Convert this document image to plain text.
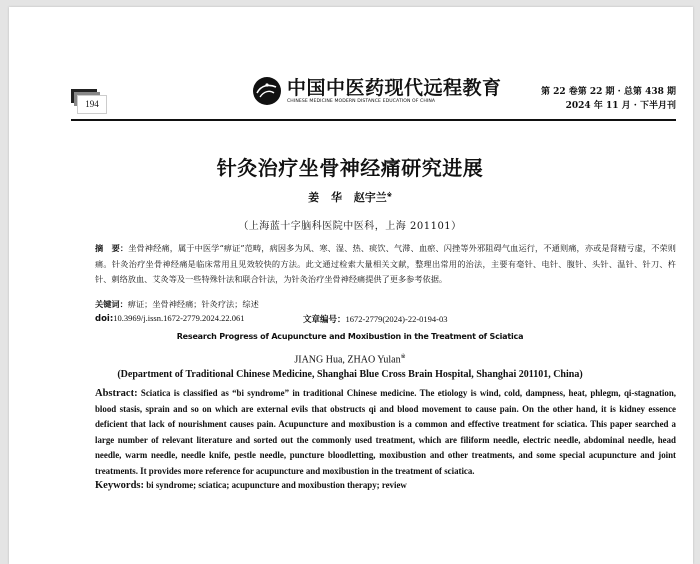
194
中国中医药现代远程教育
CHINESE MEDICINE MODERN DISTANCE EDUCATION OF CHINA
第 22 卷第 22 期 · 总第 438 期
2024 年 11 月 · 下半月刊
针灸治疗坐骨神经痛研究进展
姜 华 赵宇兰※
（上海蓝十字脑科医院中医科，上海 201101）
摘　要：坐骨神经痛，属于中医学“痹证”范畴，病因多为风、寒、湿、热、痰饮、气滞、血瘀、闪挫等外邪阻碍气血运行，不通则痛，亦或是肾精亏虚，不荣则痛。针灸治疗坐骨神经痛是临床常用且见效较快的方法。此文通过检索大量相关文献，整理出常用的治法，主要有毫针、电针、腹针、头针、温针、针刀、杵针、刺络放血、艾灸等及一些特殊针法和联合针法，为针灸治疗坐骨神经痛提供了更多参考依据。
关键词：痹证；坐骨神经痛；针灸疗法；综述
doi:10.3969/j.issn.1672-2779.2024.22.061	文章编号：1672-2779(2024)-22-0194-03
Research Progress of Acupuncture and Moxibustion in the Treatment of Sciatica
JIANG Hua, ZHAO Yulan※
(Department of Traditional Chinese Medicine, Shanghai Blue Cross Brain Hospital, Shanghai 201101, China)
Abstract: Sciatica is classified as “bi syndrome” in traditional Chinese medicine. The etiology is wind, cold, dampness, heat, phlegm, qi-stagnation, blood stasis, sprain and so on which are external evils that obstructs qi and blood movement to cause pain. On the other hand, it is kidney essence deficient that lack of nourishment causes pain. Acupuncture and moxibustion is a common and effective treatment for sciatica. This paper searched a large number of relevant literature and sorted out the commonly used treatment, which are filiform needle, electric needle, abdominal needle, head needle, warm needle, needle knife, pestle needle, puncture bloodletting, moxibustion and other treatments, and some special acupuncture and joint treatments. It provides more reference for acupuncture and moxibustion in the treatment of sciatica.
Keywords: bi syndrome; sciatica; acupuncture and moxibustion therapy; review
